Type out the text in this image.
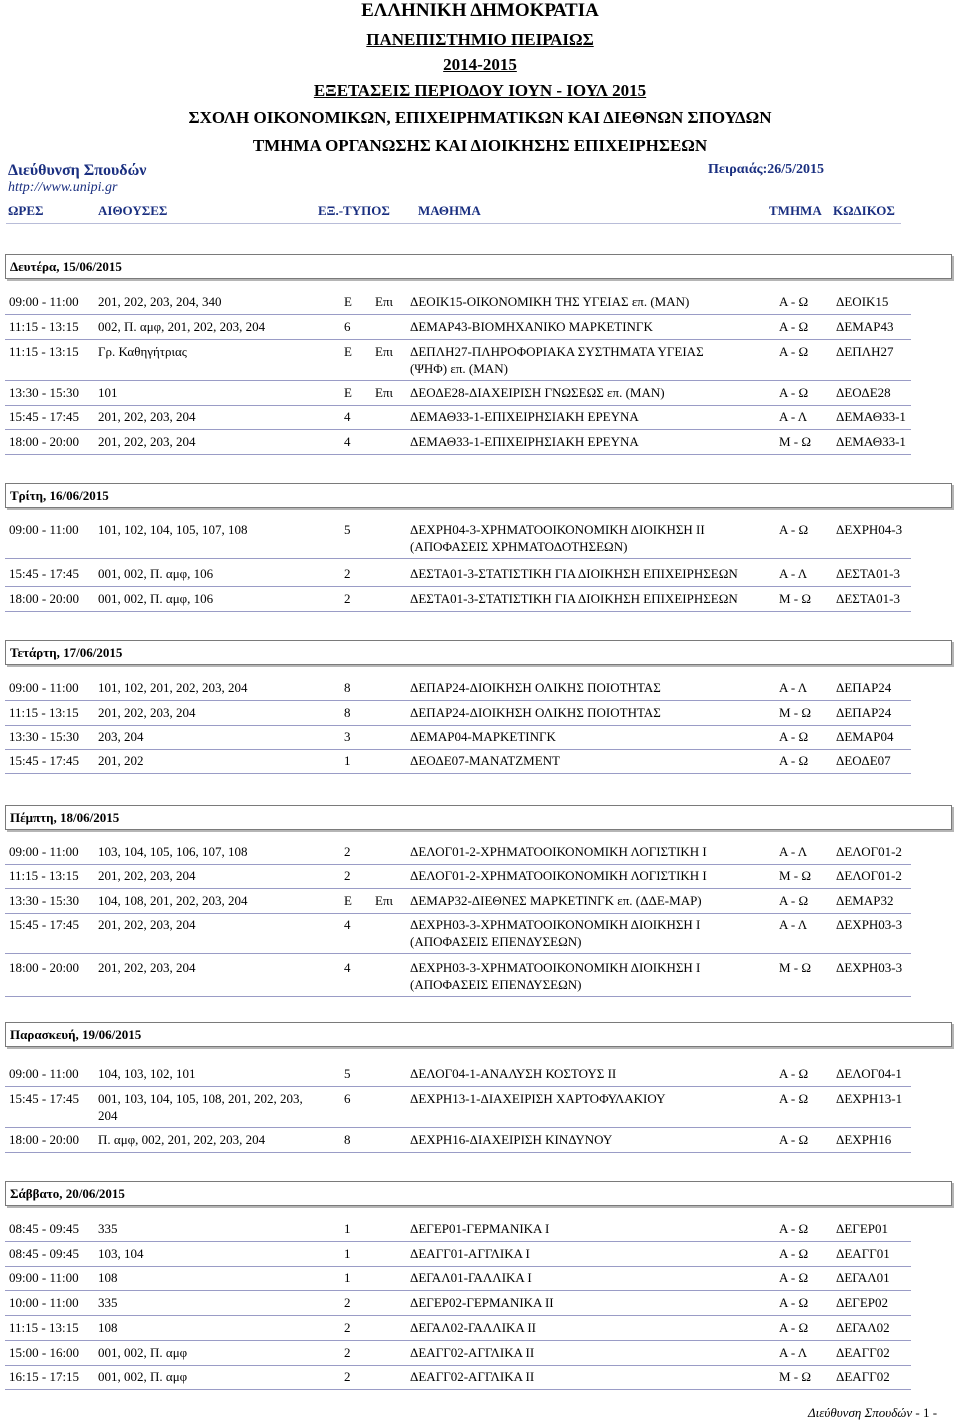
ΕΛΛΗΝΙΚΗ ΔΗΜΟΚΡΑΤΙΑ
ΠΑΝΕΠΙΣΤΗΜΙΟ ΠΕΙΡΑΙΩΣ
2014-2015
ΕΞΕΤΑΣΕΙΣ ΠΕΡΙΟΔΟΥ ΙΟΥΝ - ΙΟΥΛ 2015
ΣΧΟΛΗ ΟΙΚΟΝΟΜΙΚΩΝ, ΕΠΙΧΕΙΡΗΜΑΤΙΚΩΝ ΚΑΙ ΔΙΕΘΝΩΝ ΣΠΟΥΔΩΝ
ΤΜΗΜΑ ΟΡΓΑΝΩΣΗΣ ΚΑΙ ΔΙΟΙΚΗΣΗΣ ΕΠΙΧΕΙΡΗΣΕΩΝ
Διεύθυνση Σπουδών
http://www.unipi.gr
Πειραιάς:26/5/2015
ΩΡΕΣ	ΑΙΘΟΥΣΕΣ	ΕΞ.-ΤΥΠΟΣ ΜΑΘΗΜΑ	ΤΜΗΜΑ ΚΩΔΙΚΟΣ
Δευτέρα, 15/06/2015
09:00 - 11:00 201, 202, 203, 204, 340	E Επι ΔΕΟΙΚ15-ΟΙΚΟΝΟΜΙΚΗ ΤΗΣ ΥΓΕΙΑΣ επ. (ΜΑΝ)	Α - Ω ΔΕΟΙΚ15
11:15 - 13:15 002, Π. αμφ, 201, 202, 203, 204	6	ΔΕΜΑΡ43-ΒΙΟΜΗΧΑΝΙΚΟ ΜΑΡΚΕΤΙΝΓΚ	Α - Ω ΔΕΜΑΡ43
11:15 - 13:15 Γρ. Καθηγήτριας	E Επι ΔΕΠΛΗ27-ΠΛΗΡΟΦΟΡΙΑΚΑ ΣΥΣΤΗΜΑΤΑ ΥΓΕΙΑΣ
(ΨΗΦ) επ. (ΜΑΝ)
Α - Ω ΔΕΠΛΗ27
13:30 - 15:30 101	E Επι ΔΕΟΔΕ28-ΔΙΑΧΕΙΡΙΣΗ ΓΝΩΣΕΩΣ επ. (ΜΑΝ)	Α - Ω ΔΕΟΔΕ28
15:45 - 17:45 201, 202, 203, 204	4	ΔΕΜΑΘ33-1-ΕΠΙΧΕΙΡΗΣΙΑΚΗ ΕΡΕΥΝΑ	Α - Λ ΔΕΜΑΘ33-1
18:00 - 20:00 201, 202, 203, 204	4	ΔΕΜΑΘ33-1-ΕΠΙΧΕΙΡΗΣΙΑΚΗ ΕΡΕΥΝΑ	Μ - Ω ΔΕΜΑΘ33-1
Τρίτη, 16/06/2015
09:00 - 11:00 101, 102, 104, 105, 107, 108	5	ΔΕΧΡΗ04-3-ΧΡΗΜΑΤΟΟΙΚΟΝΟΜΙΚΗ ΔΙΟΙΚΗΣΗ ΙΙ
(ΑΠΟΦΑΣΕΙΣ ΧΡΗΜΑΤΟΔΟΤΗΣΕΩΝ)
Α - Ω ΔΕΧΡΗ04-3
15:45 - 17:45 001, 002, Π. αμφ, 106	2	ΔΕΣΤΑ01-3-ΣΤΑΤΙΣΤΙΚΗ ΓΙΑ ΔΙΟΙΚΗΣΗ ΕΠΙΧΕΙΡΗΣΕΩΝ	Α - Λ ΔΕΣΤΑ01-3
18:00 - 20:00 001, 002, Π. αμφ, 106	2	ΔΕΣΤΑ01-3-ΣΤΑΤΙΣΤΙΚΗ ΓΙΑ ΔΙΟΙΚΗΣΗ ΕΠΙΧΕΙΡΗΣΕΩΝ	Μ - Ω ΔΕΣΤΑ01-3
Τετάρτη, 17/06/2015
09:00 - 11:00 101, 102, 201, 202, 203, 204	8	ΔΕΠΑΡ24-ΔΙΟΙΚΗΣΗ ΟΛΙΚΗΣ ΠΟΙΟΤΗΤΑΣ	Α - Λ ΔΕΠΑΡ24
11:15 - 13:15 201, 202, 203, 204	8	ΔΕΠΑΡ24-ΔΙΟΙΚΗΣΗ ΟΛΙΚΗΣ ΠΟΙΟΤΗΤΑΣ	Μ - Ω ΔΕΠΑΡ24
13:30 - 15:30 203, 204	3	ΔΕΜΑΡ04-ΜΑΡΚΕΤΙΝΓΚ	Α - Ω ΔΕΜΑΡ04
15:45 - 17:45 201, 202	1	ΔΕΟΔΕ07-ΜΑΝΑΤΖΜΕΝΤ	Α - Ω ΔΕΟΔΕ07
Πέμπτη, 18/06/2015
09:00 - 11:00 103, 104, 105, 106, 107, 108	2	ΔΕΛΟΓ01-2-ΧΡΗΜΑΤΟΟΙΚΟΝΟΜΙΚΗ ΛΟΓΙΣΤΙΚΗ Ι	Α - Λ ΔΕΛΟΓ01-2
11:15 - 13:15 201, 202, 203, 204	2	ΔΕΛΟΓ01-2-ΧΡΗΜΑΤΟΟΙΚΟΝΟΜΙΚΗ ΛΟΓΙΣΤΙΚΗ Ι	Μ - Ω ΔΕΛΟΓ01-2
13:30 - 15:30 104, 108, 201, 202, 203, 204	E Επι ΔΕΜΑΡ32-ΔΙΕΘΝΕΣ ΜΑΡΚΕΤΙΝΓΚ επ. (ΔΔΕ-ΜΑΡ)	Α - Ω ΔΕΜΑΡ32
15:45 - 17:45 201, 202, 203, 204	4	ΔΕΧΡΗ03-3-ΧΡΗΜΑΤΟΟΙΚΟΝΟΜΙΚΗ ΔΙΟΙΚΗΣΗ Ι
(ΑΠΟΦΑΣΕΙΣ ΕΠΕΝΔΥΣΕΩΝ)
Α - Λ ΔΕΧΡΗ03-3
18:00 - 20:00 201, 202, 203, 204	4	ΔΕΧΡΗ03-3-ΧΡΗΜΑΤΟΟΙΚΟΝΟΜΙΚΗ ΔΙΟΙΚΗΣΗ Ι
(ΑΠΟΦΑΣΕΙΣ ΕΠΕΝΔΥΣΕΩΝ)
Μ - Ω ΔΕΧΡΗ03-3
Παρασκευή, 19/06/2015
09:00 - 11:00 104, 103, 102, 101	5	ΔΕΛΟΓ04-1-ΑΝΑΛΥΣΗ ΚΟΣΤΟΥΣ ΙΙ	Α - Ω ΔΕΛΟΓ04-1
15:45 - 17:45 001, 103, 104, 105, 108, 201, 202, 203,
204
6	ΔΕΧΡΗ13-1-ΔΙΑΧΕΙΡΙΣΗ ΧΑΡΤΟΦΥΛΑΚΙΟΥ	Α - Ω ΔΕΧΡΗ13-1
18:00 - 20:00 Π. αμφ, 002, 201, 202, 203, 204	8	ΔΕΧΡΗ16-ΔΙΑΧΕΙΡΙΣΗ ΚΙΝΔΥΝΟΥ	Α - Ω ΔΕΧΡΗ16
Σάββατο, 20/06/2015
08:45 - 09:45 335	1	ΔΕΓΕΡ01-ΓΕΡΜΑΝΙΚΑ Ι	Α - Ω ΔΕΓΕΡ01
08:45 - 09:45 103, 104	1	ΔΕΑΓΓ01-ΑΓΓΛΙΚΑ Ι	Α - Ω ΔΕΑΓΓ01
09:00 - 11:00 108	1	ΔΕΓΑΛ01-ΓΑΛΛΙΚΑ Ι	Α - Ω ΔΕΓΑΛ01
10:00 - 11:00 335	2	ΔΕΓΕΡ02-ΓΕΡΜΑΝΙΚΑ ΙΙ	Α - Ω ΔΕΓΕΡ02
11:15 - 13:15 108	2	ΔΕΓΑΛ02-ΓΑΛΛΙΚΑ ΙΙ	Α - Ω ΔΕΓΑΛ02
15:00 - 16:00 001, 002, Π. αμφ	2	ΔΕΑΓΓ02-ΑΓΓΛΙΚΑ ΙΙ	Α - Λ ΔΕΑΓΓ02
16:15 - 17:15 001, 002, Π. αμφ	2	ΔΕΑΓΓ02-ΑΓΓΛΙΚΑ ΙΙ	Μ - Ω ΔΕΑΓΓ02
Διεύθυνση Σπουδών - 1 -
